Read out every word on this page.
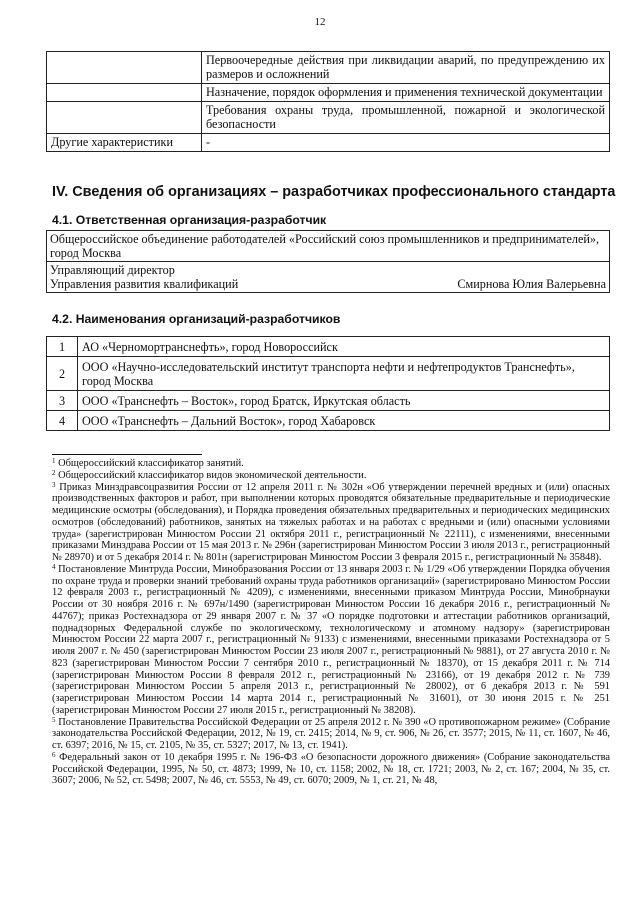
12
	Первоочередные действия при ликвидации аварий, по предупреждению их размеров и осложнений
	Назначение, порядок оформления и применения технической документации
	Требования охраны труда, промышленной, пожарной и экологической безопасности
Другие характеристики	-
IV. Сведения об организациях – разработчиках профессионального стандарта
4.1. Ответственная организация-разработчик
Общероссийское объединение работодателей «Российский союз промышленников и предпринимателей», город Москва

Управляющий директор
Управления развития квалификаций	Смирнова Юлия Валерьевна
4.2. Наименования организаций-разработчиков
1	АО «Черномортранснефть», город Новороссийск
2	ООО «Научно-исследовательский институт транспорта нефти и нефтепродуктов Транснефть», город Москва
3	ООО «Транснефть – Восток», город Братск, Иркутская область
4	ООО «Транснефть – Дальний Восток», город Хабаровск

$^1$ Общероссийский классификатор занятий.

$^2$ Общероссийский классификатор видов экономической деятельности.

$^3$ Приказ Минздравсоцразвития России от 12 апреля 2011 г. № 302н «Об утверждении перечней вредных и (или) опасных производственных факторов и работ, при выполнении которых проводятся обязательные предварительные и периодические медицинские осмотры (обследования), и Порядка проведения обязательных предварительных и периодических медицинских осмотров (обследований) работников, занятых на тяжелых работах и на работах с вредными и (или) опасными условиями труда» (зарегистрирован Минюстом России 21 октября 2011 г., регистрационный № 22111), с изменениями, внесенными приказами Минздрава России от 15 мая 2013 г. № 296н (зарегистрирован Минюстом России 3 июля 2013 г., регистрационный № 28970) и от 5 декабря 2014 г. № 801н (зарегистрирован Минюстом России 3 февраля 2015 г., регистрационный № 35848).

$^4$ Постановление Минтруда России, Минобразования России от 13 января 2003 г. № 1/29 «Об утверждении Порядка обучения по охране труда и проверки знаний требований охраны труда работников организаций» (зарегистрировано Минюстом России 12 февраля 2003 г., регистрационный № 4209), с изменениями, внесенными приказом Минтруда России, Минобрнауки России от 30 ноября 2016 г. № 697н/1490 (зарегистрирован Минюстом России 16 декабря 2016 г., регистрационный № 44767); приказ Ростехнадзора от 29 января 2007 г. № 37 «О порядке подготовки и аттестации работников организаций, поднадзорных Федеральной службе по экологическому, технологическому и атомному надзору» (зарегистрирован Минюстом России 22 марта 2007 г., регистрационный № 9133) с изменениями, внесенными приказами Ростехнадзора от 5 июля 2007 г. № 450 (зарегистрирован Минюстом России 23 июля 2007 г., регистрационный № 9881), от 27 августа 2010 г. № 823 (зарегистрирован Минюстом России 7 сентября 2010 г., регистрационный № 18370), от 15 декабря 2011 г. № 714 (зарегистрирован Минюстом России 8 февраля 2012 г., регистрационный № 23166), от 19 декабря 2012 г. № 739 (зарегистрирован Минюстом России 5 апреля 2013 г., регистрационный № 28002), от 6 декабря 2013 г. № 591 (зарегистрирован Минюстом России 14 марта 2014 г., регистрационный № 31601), от 30 июня 2015 г. № 251 (зарегистрирован Минюстом России 27 июля 2015 г., регистрационный № 38208).

$^5$ Постановление Правительства Российской Федерации от 25 апреля 2012 г. № 390 «О противопожарном режиме» (Собрание законодательства Российской Федерации, 2012, № 19, ст. 2415; 2014, № 9, ст. 906, № 26, ст. 3577; 2015, № 11, ст. 1607, № 46, ст. 6397; 2016, № 15, ст. 2105, № 35, ст. 5327; 2017, № 13, ст. 1941).

$^6$ Федеральный закон от 10 декабря 1995 г. № 196-ФЗ «О безопасности дорожного движения» (Собрание законодательства Российской Федерации, 1995, № 50, ст. 4873; 1999, № 10, ст. 1158; 2002, № 18, ст. 1721; 2003, № 2, ст. 167; 2004, № 35, ст. 3607; 2006, № 52, ст. 5498; 2007, № 46, ст. 5553, № 49, ст. 6070; 2009, № 1, ст. 21, № 48,
